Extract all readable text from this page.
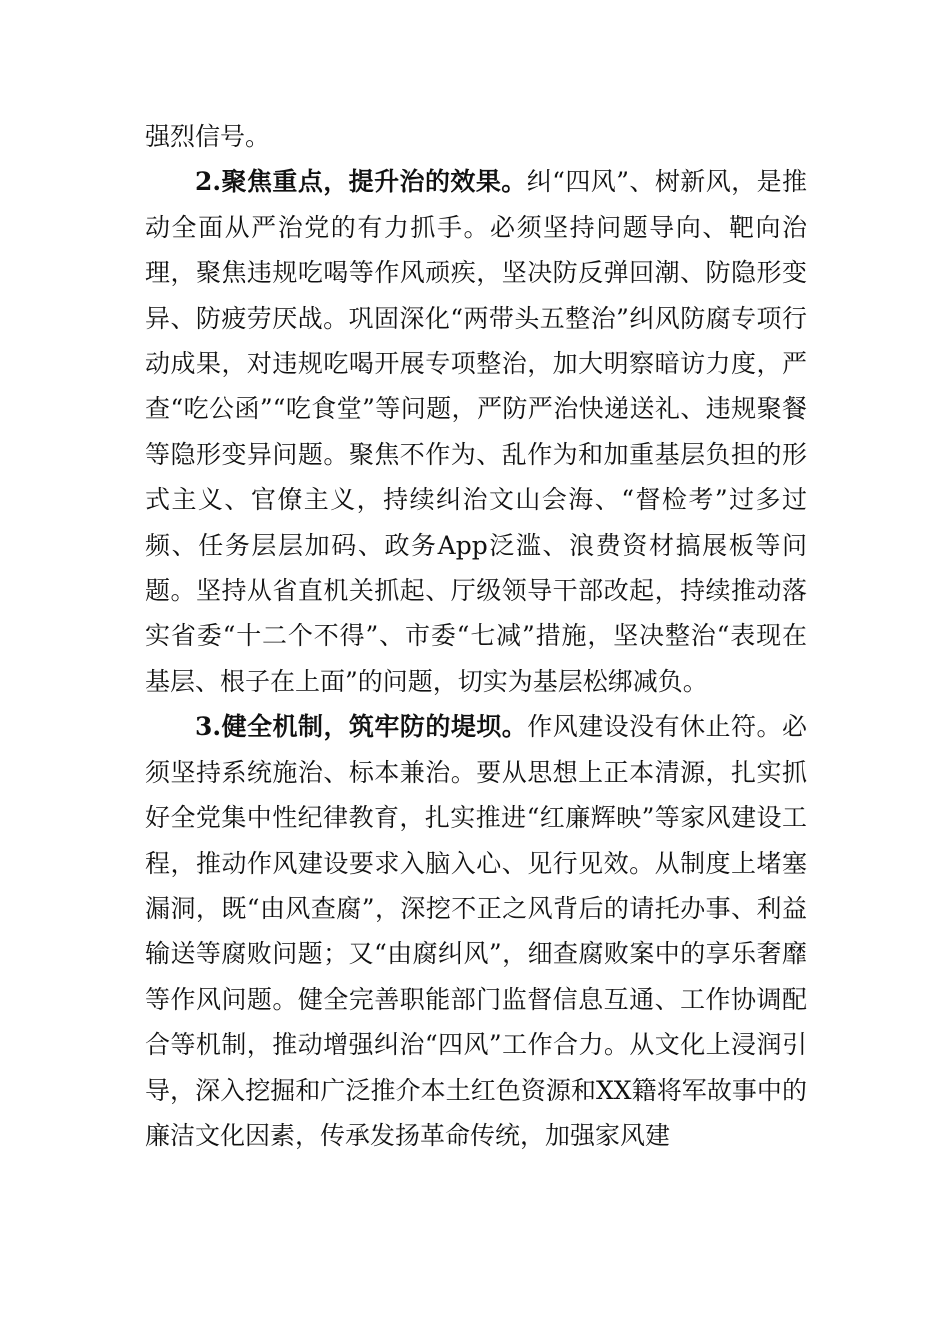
强烈信号。

2.聚焦重点，提升治的效果。纠“四风”、树新风，是推动全面从严治党的有力抓手。必须坚持问题导向、靶向治理，聚焦违规吃喝等作风顽疾，坚决防反弹回潮、防隐形变异、防疲劳厌战。巩固深化“两带头五整治”纠风防腐专项行动成果，对违规吃喝开展专项整治，加大明察暗访力度，严查“吃公函”“吃食堂”等问题，严防严治快递送礼、违规聚餐等隐形变异问题。聚焦不作为、乱作为和加重基层负担的形式主义、官僚主义，持续纠治文山会海、“督检考”过多过频、任务层层加码、政务App泛滥、浪费资材搞展板等问题。坚持从省直机关抓起、厅级领导干部改起，持续推动落实省委“十二个不得”、市委“七减”措施，坚决整治“表现在基层、根子在上面”的问题，切实为基层松绑减负。

3.健全机制，筑牢防的堤坝。作风建设没有休止符。必须坚持系统施治、标本兼治。要从思想上正本清源，扎实抓好全党集中性纪律教育，扎实推进“红廉辉映”等家风建设工程，推动作风建设要求入脑入心、见行见效。从制度上堵塞漏洞，既“由风查腐”，深挖不正之风背后的请托办事、利益输送等腐败问题；又“由腐纠风”，细查腐败案中的享乐奢靡等作风问题。健全完善职能部门监督信息互通、工作协调配合等机制，推动增强纠治“四风”工作合力。从文化上浸润引导，深入挖掘和广泛推介本土红色资源和XX籍将军故事中的廉洁文化因素，传承发扬革命传统，加强家风建
